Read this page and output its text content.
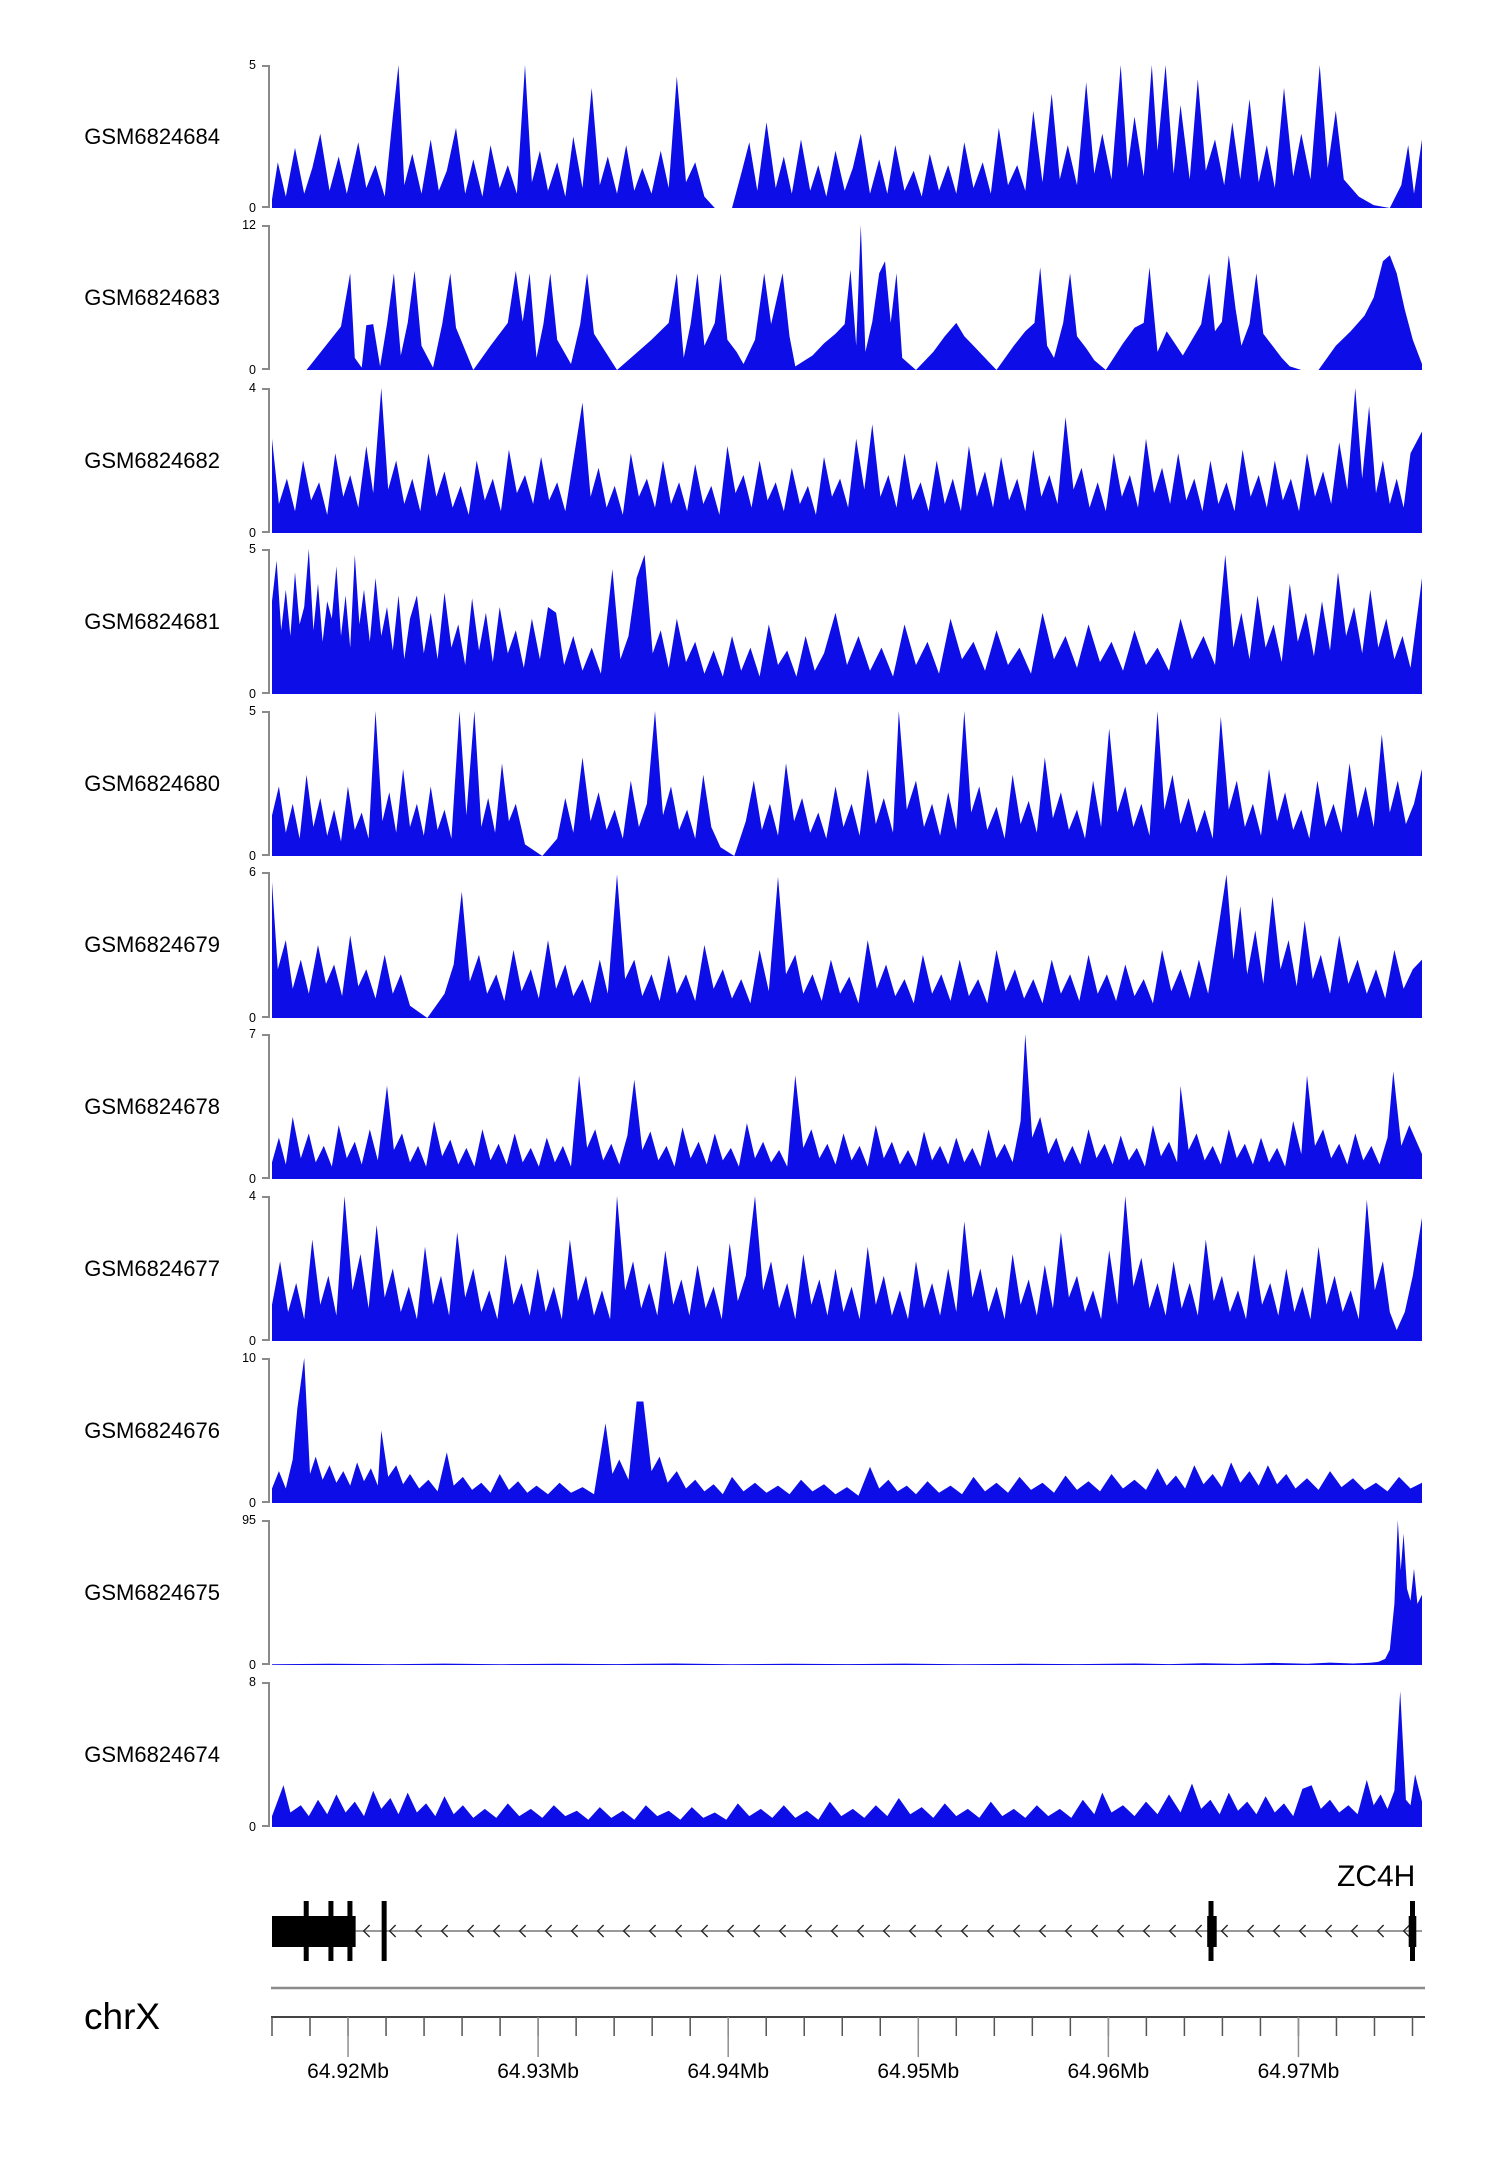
GSM6824684
5
0
GSM6824683
12
0
GSM6824682
4
0
GSM6824681
5
0
GSM6824680
5
0
GSM6824679
6
0
GSM6824678
7
0
GSM6824677
4
0
GSM6824676
10
0
GSM6824675
95
0
GSM6824674
8
0
ZC4H
64.92Mb	64.93Mb	64.94Mb	64.95Mb	64.96Mb	64.97Mb
chrX
